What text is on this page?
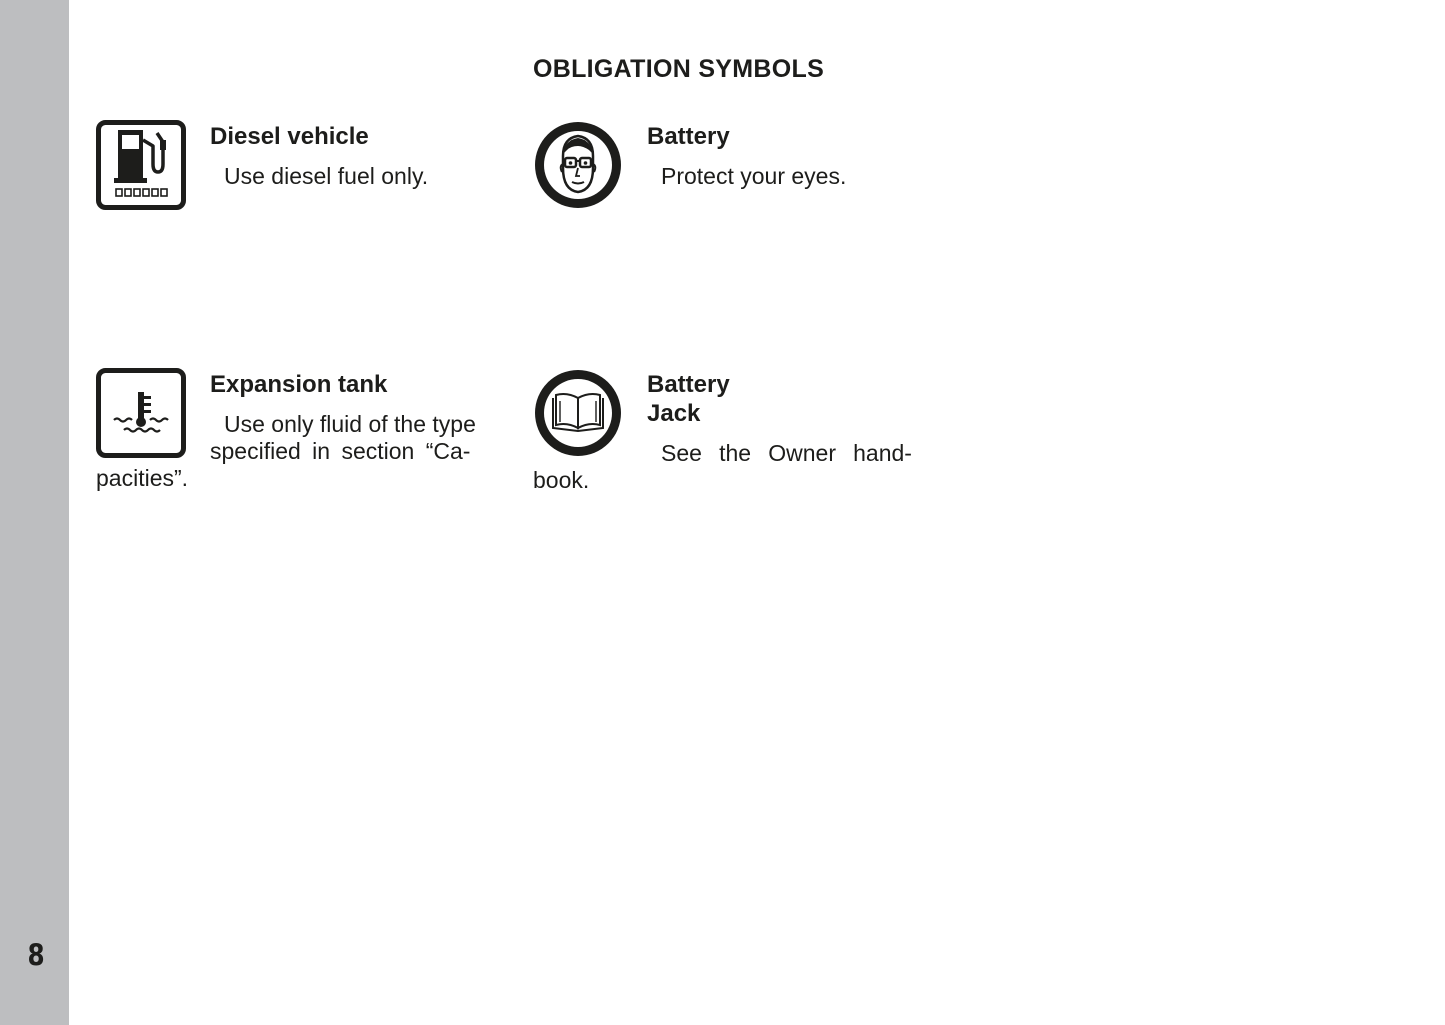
8
OBLIGATION SYMBOLS
Diesel vehicle
Use diesel fuel only.
Battery
Protect your eyes.
Expansion tank
Use only fluid of the type
specified in section “Ca-
pacities”.
Battery
Jack
See the Owner hand-
book.
